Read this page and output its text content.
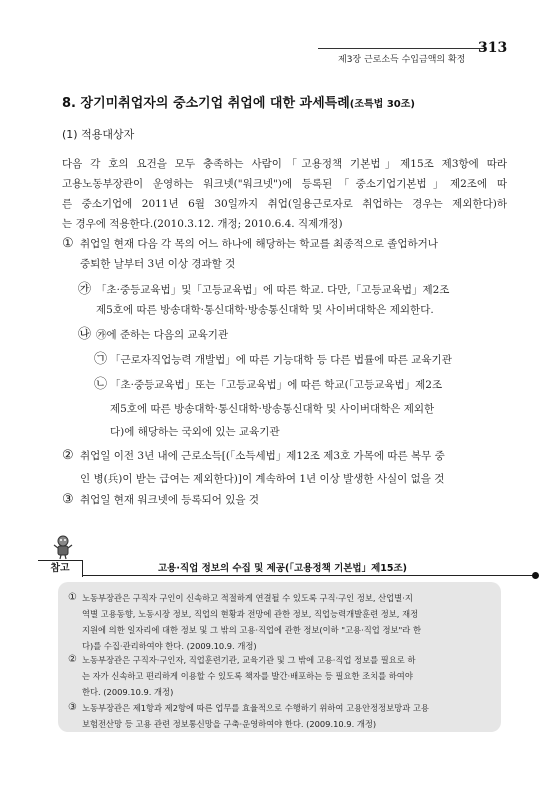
313
제3장 근로소득 수입금액의 확정
8. 장기미취업자의 중소기업 취업에 대한 과세특례(조특법 30조)
(1) 적용대상자
다음 각 호의 요건을 모두 충족하는 사람이「고용정책 기본법」제15조 제3항에 따라
고용노동부장관이 운영하는 워크넷("워크넷")에 등록된「중소기업기본법」제2조에 따
른 중소기업에 2011년 6월 30일까지 취업(일용근로자로 취업하는 경우는 제외한다)하
는 경우에 적용한다.(2010.3.12. 개정; 2010.6.4. 직제개정)
① 취업일 현재 다음 각 목의 어느 하나에 해당하는 학교를 최종적으로 졸업하거나
중퇴한 날부터 3년 이상 경과할 것
㉮ 「초·중등교육법」및「고등교육법」에 따른 학교. 다만,「고등교육법」제2조
제5호에 따른 방송대학·통신대학·방송통신대학 및 사이버대학은 제외한다.
㉯ ㉮에 준하는 다음의 교육기관
㉠ 「근로자직업능력 개발법」에 따른 기능대학 등 다른 법률에 따른 교육기관
㉡ 「초·중등교육법」또는「고등교육법」에 따른 학교(「고등교육법」제2조
제5호에 따른 방송대학·통신대학·방송통신대학 및 사이버대학은 제외한
다)에 해당하는 국외에 있는 교육기관
② 취업일 이전 3년 내에 근로소득[(「소득세법」제12조 제3호 가목에 따른 복무 중
인 병(兵)이 받는 급여는 제외한다)]이 계속하여 1년 이상 발생한 사실이 없을 것
③ 취업일 현재 워크넷에 등록되어 있을 것
참고	고용·직업 정보의 수집 및 제공(「고용정책 기본법」제15조)
① 노동부장관은 구직자 구인이 신속하고 적절하게 연결될 수 있도록 구직·구인 정보, 산업별·지
역별 고용동향, 노동시장 정보, 직업의 현황과 전망에 관한 정보, 직업능력개발훈련 정보, 재정
지원에 의한 일자리에 대한 정보 및 그 밖의 고용·직업에 관한 정보(이하 "고용·직업 정보"라 한
다)를 수집·관리하여야 한다. (2009.10.9. 개정)
② 노동부장관은 구직자·구인자, 직업훈련기관, 교육기관 및 그 밖에 고용·직업 정보를 필요로 하
는 자가 신속하고 편리하게 이용할 수 있도록 책자를 발간·배포하는 등 필요한 조치를 하여야
한다. (2009.10.9. 개정)
③ 노동부장관은 제1항과 제2항에 따른 업무를 효율적으로 수행하기 위하여 고용안정정보망과 고용
보험전산망 등 고용 관련 정보통신망을 구축·운영하여야 한다. (2009.10.9. 개정)
